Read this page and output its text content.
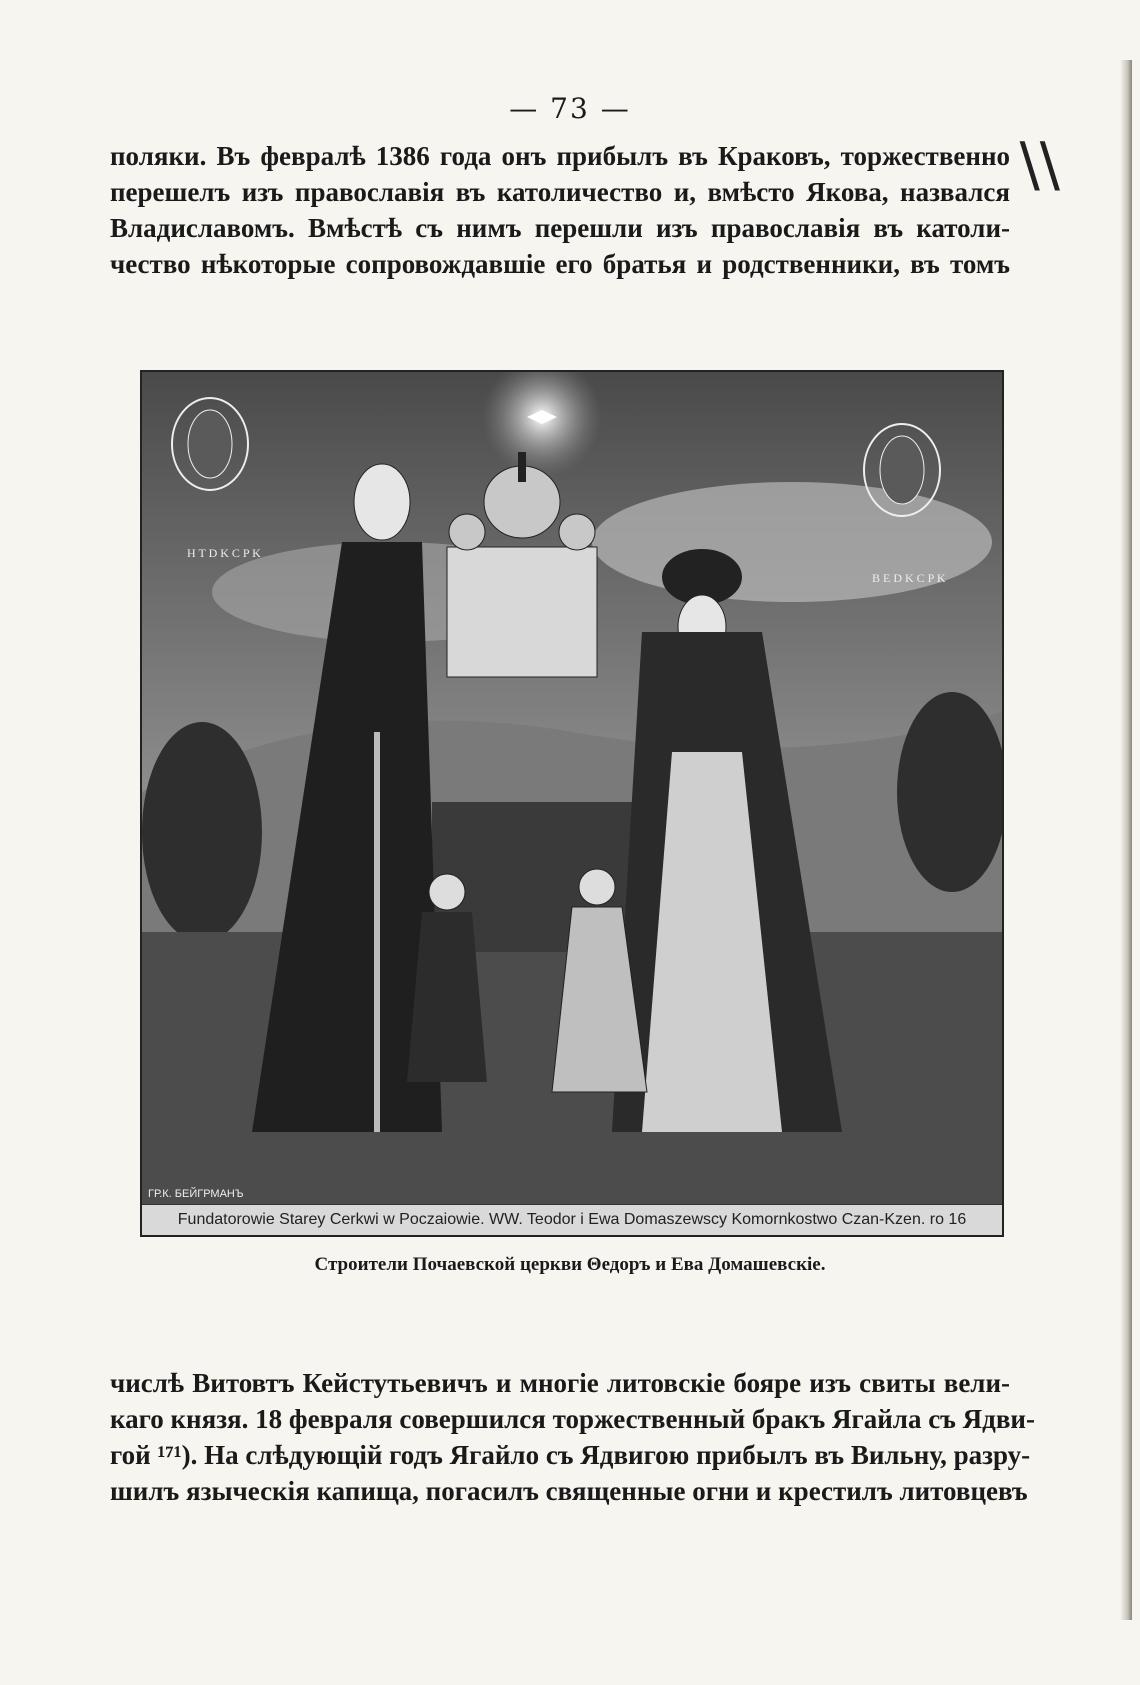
— 73 —
\\
поляки. Въ февралѣ 1386 года онъ прибылъ въ Краковъ, торжественно
перешелъ изъ православія въ католичество и, вмѣсто Якова, назвался
Владиславомъ. Вмѣстѣ съ нимъ перешли изъ православія въ католи-
чество нѣкоторые сопровождавшіе его братья и родственники, въ томъ
H T D K C P K
B E D K C P K
ГР.К. БЕЙГРМАНЪ
Fundatorowie Starey Cerkwi w Poczaiowie. WW. Teodor i Ewa Domaszewscy Komornkostwo Czan-Kzen. ro 16
Строители Почаевской церкви Θедоръ и Ева Домашевскіе.
числѣ Витовтъ Кейстутьевичъ и многіе литовскіе бояре изъ свиты вели-
каго князя. 18 февраля совершился торжественный бракъ Ягайла съ Ядви-
гой ¹⁷¹). На слѣдующій годъ Ягайло съ Ядвигою прибылъ въ Вильну, разру-
шилъ языческія капища, погасилъ священные огни и крестилъ литовцевъ
